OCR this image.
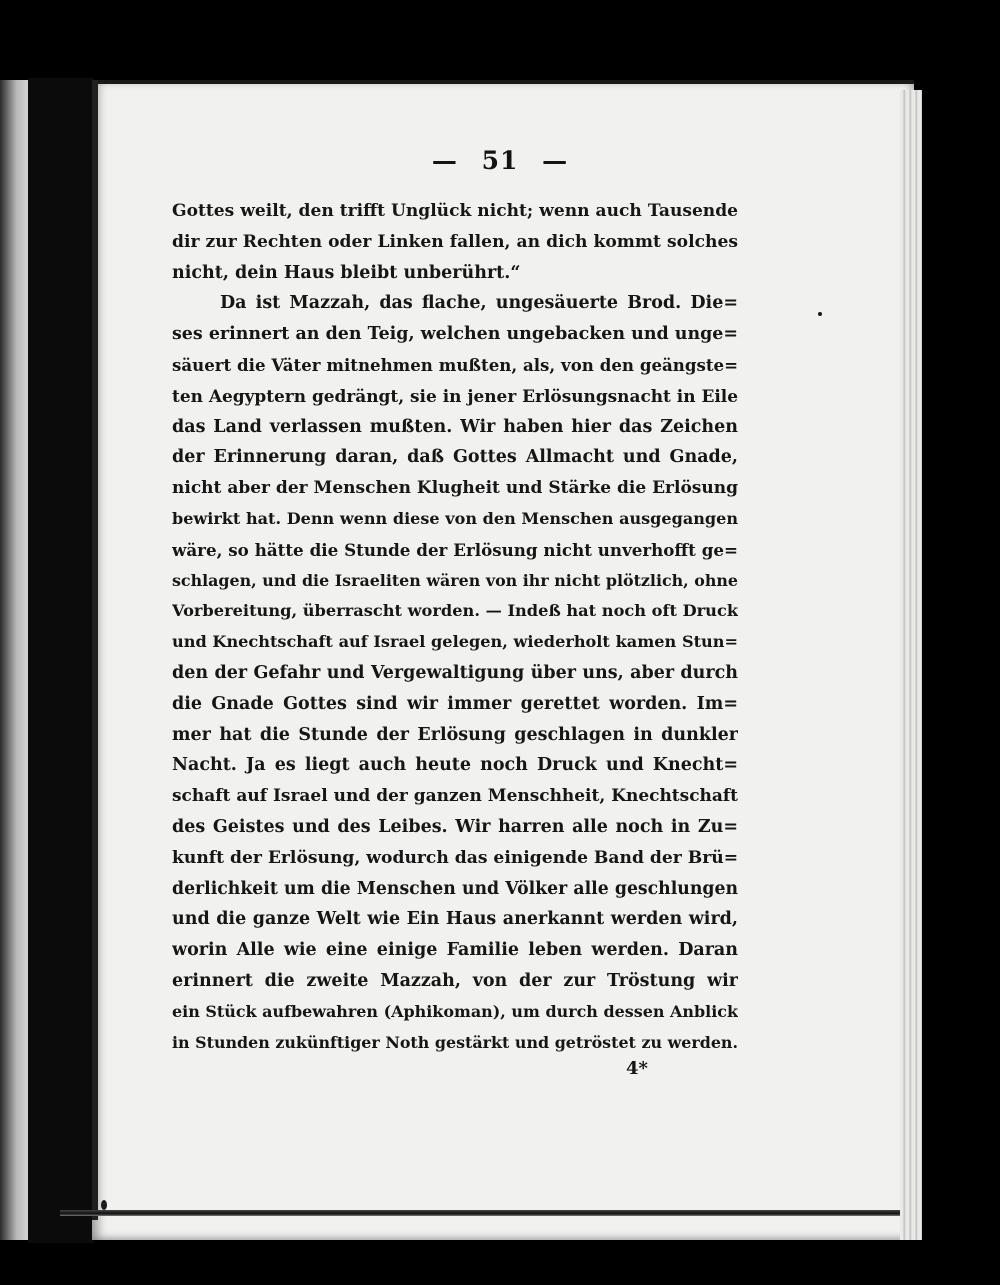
— 51 —
Gottes weilt, den trifft Unglück nicht; wenn auch Tausende
dir zur Rechten oder Linken fallen, an dich kommt solches
nicht, dein Haus bleibt unberührt.“
Da ist Mazzah, das flache, ungesäuerte Brod. Die=
ses erinnert an den Teig, welchen ungebacken und unge=
säuert die Väter mitnehmen mußten, als, von den geängste=
ten Aegyptern gedrängt, sie in jener Erlösungsnacht in Eile
das Land verlassen mußten. Wir haben hier das Zeichen
der Erinnerung daran, daß Gottes Allmacht und Gnade,
nicht aber der Menschen Klugheit und Stärke die Erlösung
bewirkt hat. Denn wenn diese von den Menschen ausgegangen
wäre, so hätte die Stunde der Erlösung nicht unverhofft ge=
schlagen, und die Israeliten wären von ihr nicht plötzlich, ohne
Vorbereitung, überrascht worden. — Indeß hat noch oft Druck
und Knechtschaft auf Israel gelegen, wiederholt kamen Stun=
den der Gefahr und Vergewaltigung über uns, aber durch
die Gnade Gottes sind wir immer gerettet worden. Im=
mer hat die Stunde der Erlösung geschlagen in dunkler
Nacht. Ja es liegt auch heute noch Druck und Knecht=
schaft auf Israel und der ganzen Menschheit, Knechtschaft
des Geistes und des Leibes. Wir harren alle noch in Zu=
kunft der Erlösung, wodurch das einigende Band der Brü=
derlichkeit um die Menschen und Völker alle geschlungen
und die ganze Welt wie Ein Haus anerkannt werden wird,
worin Alle wie eine einige Familie leben werden. Daran
erinnert die zweite Mazzah, von der zur Tröstung wir
ein Stück aufbewahren (Aphikoman), um durch dessen Anblick
in Stunden zukünftiger Noth gestärkt und getröstet zu werden.
4*
